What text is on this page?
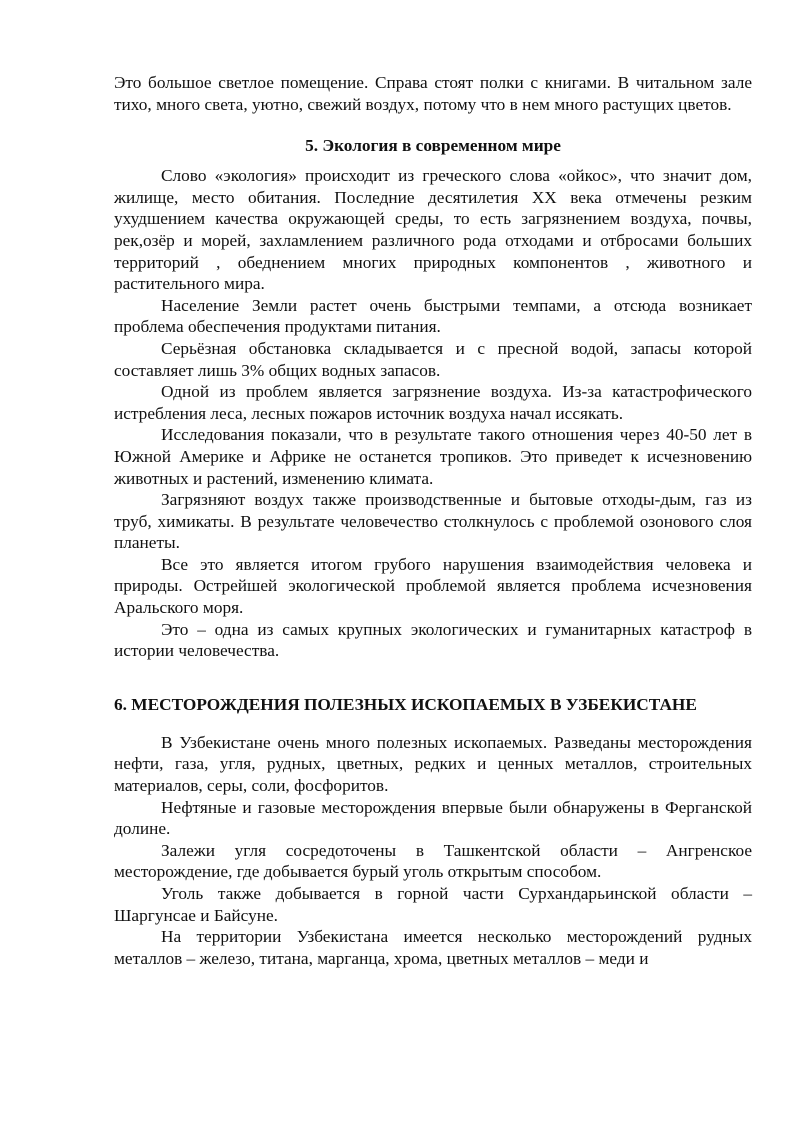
Это большое светлое помещение. Справа стоят полки с книгами. В читальном зале тихо, много света, уютно, свежий воздух, потому что в нем много растущих цветов.

5. Экология в современном мире

Слово «экология» происходит из греческого слова «ойкос», что значит дом, жилище, место обитания. Последние десятилетия ХХ века отмечены резким ухудшением качества окружающей среды, то есть загрязнением воздуха, почвы, рек,озёр и морей, захламлением различного рода отходами и отбросами больших территорий , обеднением многих природных компонентов , животного и растительного мира.

Население Земли растет очень быстрыми темпами, а отсюда возникает проблема обеспечения продуктами питания.

Серьёзная обстановка складывается и с пресной водой, запасы которой составляет лишь 3% общих водных запасов.

Одной из проблем является загрязнение воздуха. Из-за катастрофического истребления леса, лесных пожаров источник воздуха начал иссякать.

Исследования показали, что в результате такого отношения через 40-50 лет в Южной Америке и Африке не останется тропиков. Это приведет к исчезновению животных и растений, изменению климата.

Загрязняют воздух также производственные и бытовые отходы-дым, газ из труб, химикаты. В результате человечество столкнулось с проблемой озонового слоя планеты.

Все это является итогом грубого нарушения взаимодействия человека и природы. Острейшей экологической проблемой является проблема исчезновения Аральского моря.

Это – одна из самых крупных экологических и гуманитарных катастроф в истории человечества.

6. МЕСТОРОЖДЕНИЯ ПОЛЕЗНЫХ ИСКОПАЕМЫХ В УЗБЕКИСТАНЕ

В Узбекистане очень много полезных ископаемых. Разведаны месторождения нефти, газа, угля, рудных, цветных, редких и ценных металлов, строительных материалов, серы, соли, фосфоритов.

Нефтяные и газовые месторождения впервые были обнаружены в Ферганской долине.

Залежи угля сосредоточены в Ташкентской области – Ангренское месторождение, где добывается бурый уголь открытым способом.

Уголь также добывается в горной части Сурхандарьинской области – Шаргунсае и Байсуне.

На территории Узбекистана имеется несколько месторождений рудных металлов – железо, титана, марганца, хрома, цветных металлов – меди и
